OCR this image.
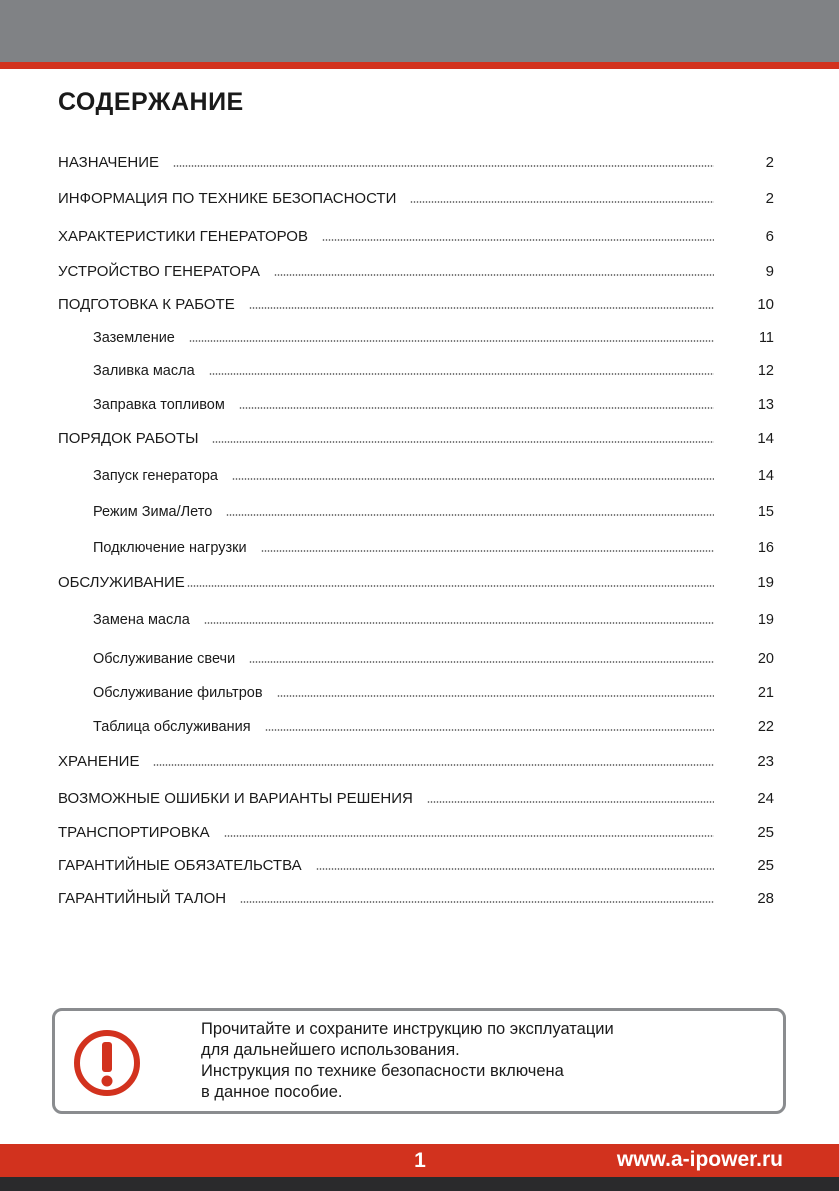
СОДЕРЖАНИЕ
НАЗНАЧЕНИЕ	2
ИНФОРМАЦИЯ ПО ТЕХНИКЕ БЕЗОПАСНОСТИ	2
ХАРАКТЕРИСТИКИ ГЕНЕРАТОРОВ	6
УСТРОЙСТВО ГЕНЕРАТОРА	9
ПОДГОТОВКА К РАБОТЕ	10
Заземление	11
Заливка масла	12
Заправка топливом	13
ПОРЯДОК РАБОТЫ	14
Запуск генератора	14
Режим Зима/Лето	15
Подключение нагрузки	16
ОБСЛУЖИВАНИЕ	19
Замена масла	19
Обслуживание свечи	20
Обслуживание фильтров	21
Таблица обслуживания	22
ХРАНЕНИЕ	23
ВОЗМОЖНЫЕ ОШИБКИ И ВАРИАНТЫ РЕШЕНИЯ	24
ТРАНСПОРТИРОВКА	25
ГАРАНТИЙНЫЕ ОБЯЗАТЕЛЬСТВА	25
ГАРАНТИЙНЫЙ ТАЛОН	28
Прочитайте и сохраните инструкцию по эксплуатации
для дальнейшего использования.
Инструкция по технике безопасности включена
в данное пособие.
1	www.a-ipower.ru
